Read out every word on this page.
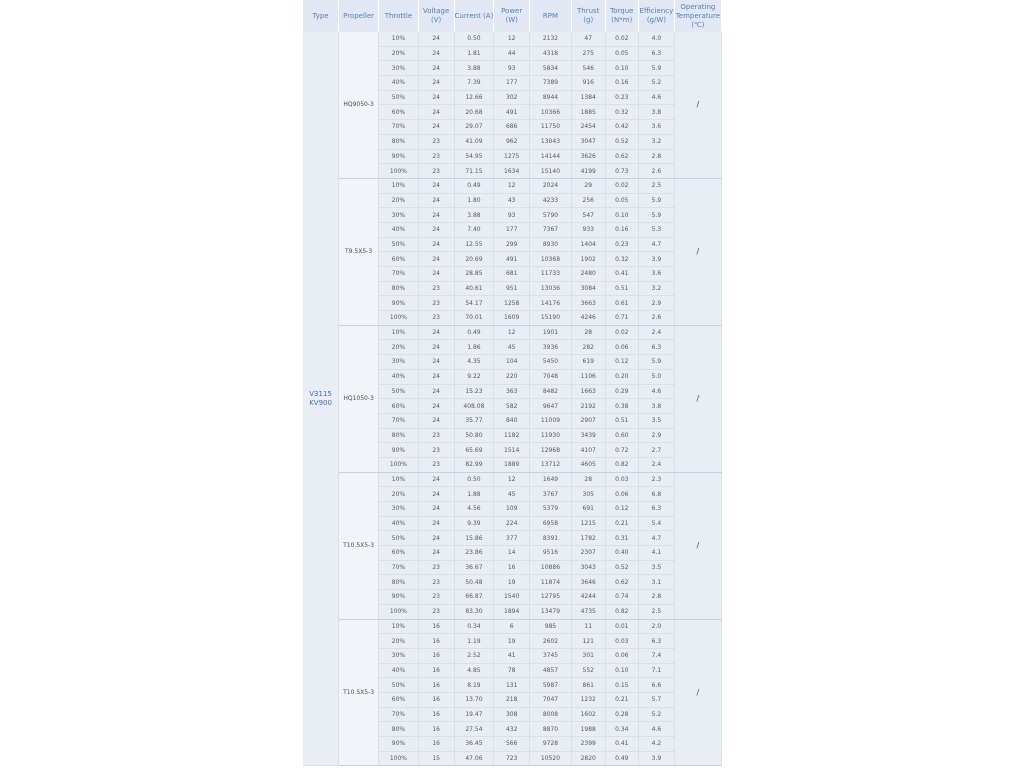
Type	Propeller	Throttle	Voltage (V)	Current (A)	Power (W)	RPM	Thrust (g)	Torque (N*m)	Efficiency (g/W)	Operating Temperature (℃)
V3115 KV900	HQ9050-3	10%	24	0.50	12	2132	47	0.02	4.0	/
		20%	24	1.81	44	4318	275	0.05	6.3	
		30%	24	3.88	93	5834	546	0.10	5.9	
		40%	24	7.39	177	7389	916	0.16	5.2	
		50%	24	12.66	302	8944	1384	0.23	4.6	
		60%	24	20.68	491	10366	1885	0.32	3.8	
		70%	24	29.07	686	11750	2454	0.42	3.6	
		80%	23	41.09	962	13043	3047	0.52	3.2	
		90%	23	54.95	1275	14144	3626	0.62	2.8	
		100%	23	71.15	1634	15140	4199	0.73	2.6	
	T9.5X5-3	10%	24	0.49	12	2024	29	0.02	2.5	/
		20%	24	1.80	43	4233	256	0.05	5.9	
		30%	24	3.88	93	5790	547	0.10	5.9	
		40%	24	7.40	177	7367	933	0.16	5.3	
		50%	24	12.55	299	8930	1404	0.23	4.7	
		60%	24	20.69	491	10368	1902	0.32	3.9	
		70%	24	28.85	681	11733	2480	0.41	3.6	
		80%	23	40.61	951	13036	3084	0.51	3.2	
		90%	23	54.17	1258	14176	3663	0.61	2.9	
		100%	23	70.01	1609	15190	4246	0.71	2.6	
	HQ1050-3	10%	24	0.49	12	1901	28	0.02	2.4	/
		20%	24	1.86	45	3936	282	0.06	6.3	
		30%	24	4.35	104	5450	619	0.12	5.9	
		40%	24	9.22	220	7048	1106	0.20	5.0	
		50%	24	15.23	363	8482	1663	0.29	4.6	
		60%	24	408.08	582	9647	2192	0.38	3.8	
		70%	24	35.77	840	11009	2907	0.51	3.5	
		80%	23	50.80	1182	11930	3439	0.60	2.9	
		90%	23	65.69	1514	12968	4107	0.72	2.7	
		100%	23	82.99	1889	13712	4605	0.82	2.4	
	T10.5X5-3	10%	24	0.50	12	1649	28	0.03	2.3	/
		20%	24	1.88	45	3767	305	0.06	6.8	
		30%	24	4.56	109	5379	691	0.12	6.3	
		40%	24	9.39	224	6958	1215	0.21	5.4	
		50%	24	15.86	377	8391	1782	0.31	4.7	
		60%	24	23.86	14	9516	2307	0.40	4.1	
		70%	23	36.67	16	10886	3043	0.52	3.5	
		80%	23	50.48	19	11874	3646	0.62	3.1	
		90%	23	66.87	1540	12795	4244	0.74	2.8	
		100%	23	83.30	1894	13479	4735	0.82	2.5	
	T10.5X5-3	10%	16	0.34	6	985	11	0.01	2.0	/
		20%	16	1.19	19	2602	121	0.03	6.3	
		30%	16	2.52	41	3745	301	0.06	7.4	
		40%	16	4.85	78	4857	552	0.10	7.1	
		50%	16	8.19	131	5987	861	0.15	6.6	
		60%	16	13.70	218	7047	1232	0.21	5.7	
		70%	16	19.47	308	8008	1602	0.28	5.2	
		80%	16	27.54	432	8870	1988	0.34	4.6	
		90%	16	36.45	566	9728	2399	0.41	4.2	
		100%	15	47.06	723	10520	2820	0.49	3.9	
